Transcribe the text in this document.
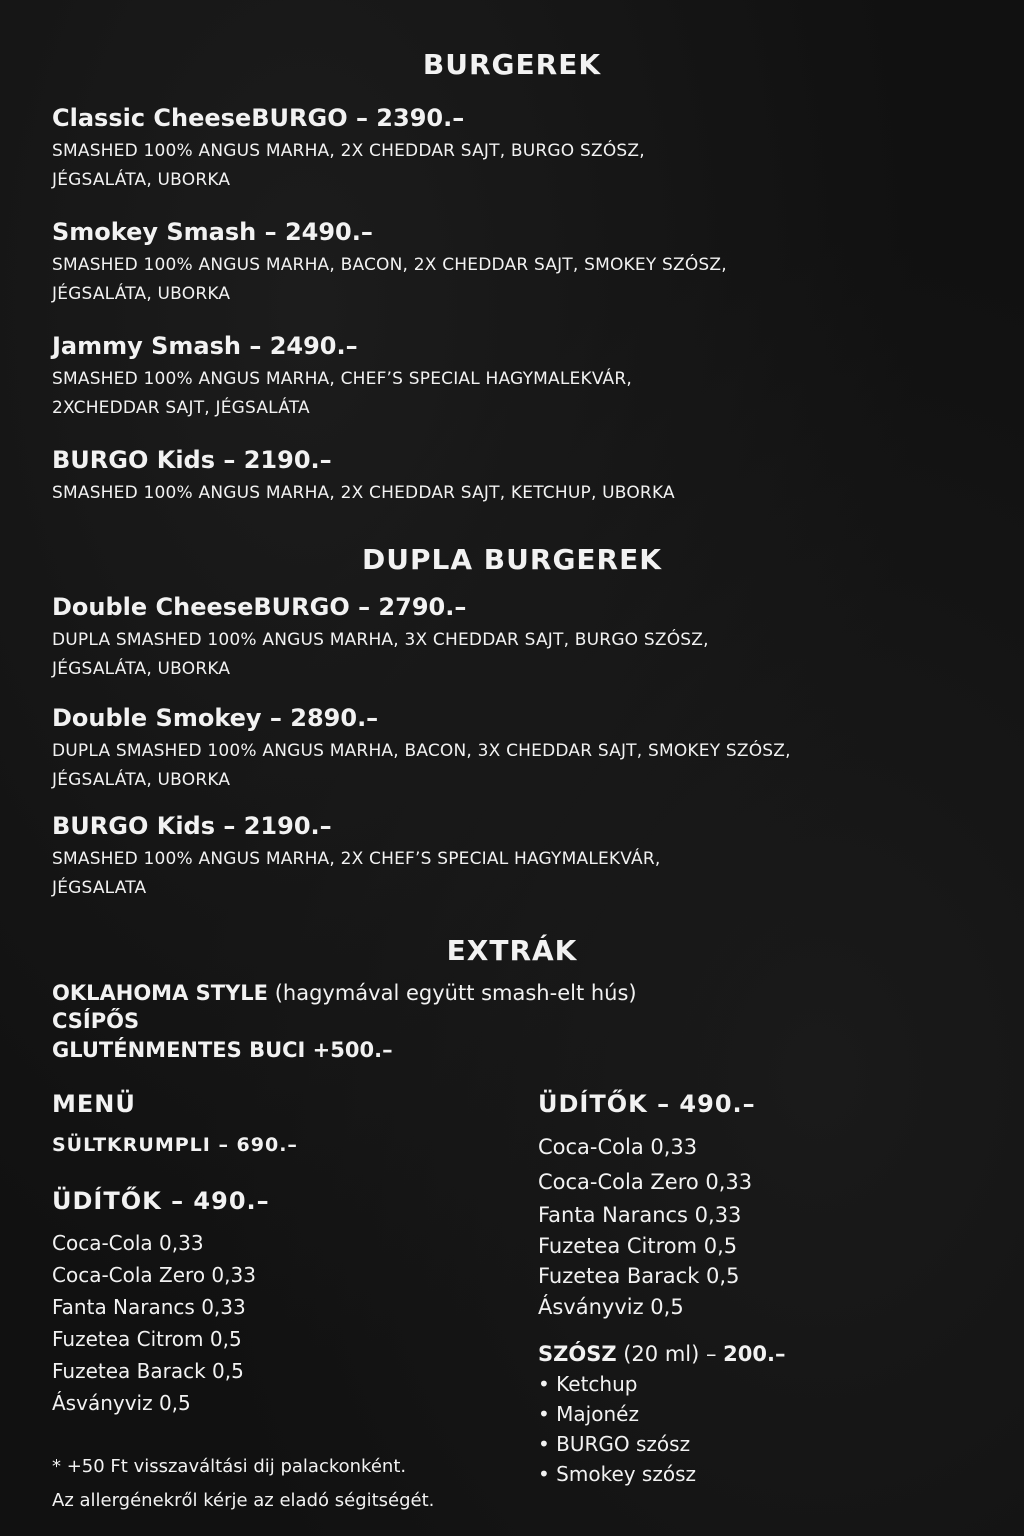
BURGEREK
Classic CheeseBURGO – 2390.–
SMASHED 100% ANGUS MARHA, 2X CHEDDAR SAJT, BURGO SZÓSZ,
JÉGSALÁTA, UBORKA
Smokey Smash – 2490.–
SMASHED 100% ANGUS MARHA, BACON, 2X CHEDDAR SAJT, SMOKEY SZÓSZ,
JÉGSALÁTA, UBORKA
Jammy Smash – 2490.–
SMASHED 100% ANGUS MARHA, CHEF’S SPECIAL HAGYMALEKVÁR,
2XCHEDDAR SAJT, JÉGSALÁTA
BURGO Kids – 2190.–
SMASHED 100% ANGUS MARHA, 2X CHEDDAR SAJT, KETCHUP, UBORKA
DUPLA BURGEREK
Double CheeseBURGO – 2790.–
DUPLA SMASHED 100% ANGUS MARHA, 3X CHEDDAR SAJT, BURGO SZÓSZ,
JÉGSALÁTA, UBORKA
Double Smokey – 2890.–
DUPLA SMASHED 100% ANGUS MARHA, BACON, 3X CHEDDAR SAJT, SMOKEY SZÓSZ,
JÉGSALÁTA, UBORKA
BURGO Kids – 2190.–
SMASHED 100% ANGUS MARHA, 2X CHEF’S SPECIAL HAGYMALEKVÁR,
JÉGSALATA
EXTRÁK
OKLAHOMA STYLE (hagymával együtt smash-elt hús)
CSÍPŐS
GLUTÉNMENTES BUCI +500.–
MENÜ
SÜLTKRUMPLI – 690.–
ÜDÍTŐK – 490.–
Coca-Cola 0,33
Coca-Cola Zero 0,33
Fanta Narancs 0,33
Fuzetea Citrom 0,5
Fuzetea Barack 0,5
Ásványviz 0,5
* +50 Ft visszaváltási dij palackonként.
Az allergénekről kérje az eladó ségitségét.
ÜDÍTŐK – 490.–
Coca-Cola 0,33
Coca-Cola Zero 0,33
Fanta Narancs 0,33
Fuzetea Citrom 0,5
Fuzetea Barack 0,5
Ásványviz 0,5
SZÓSZ (20 ml) – 200.–
• Ketchup
• Majonéz
• BURGO szósz
• Smokey szósz
